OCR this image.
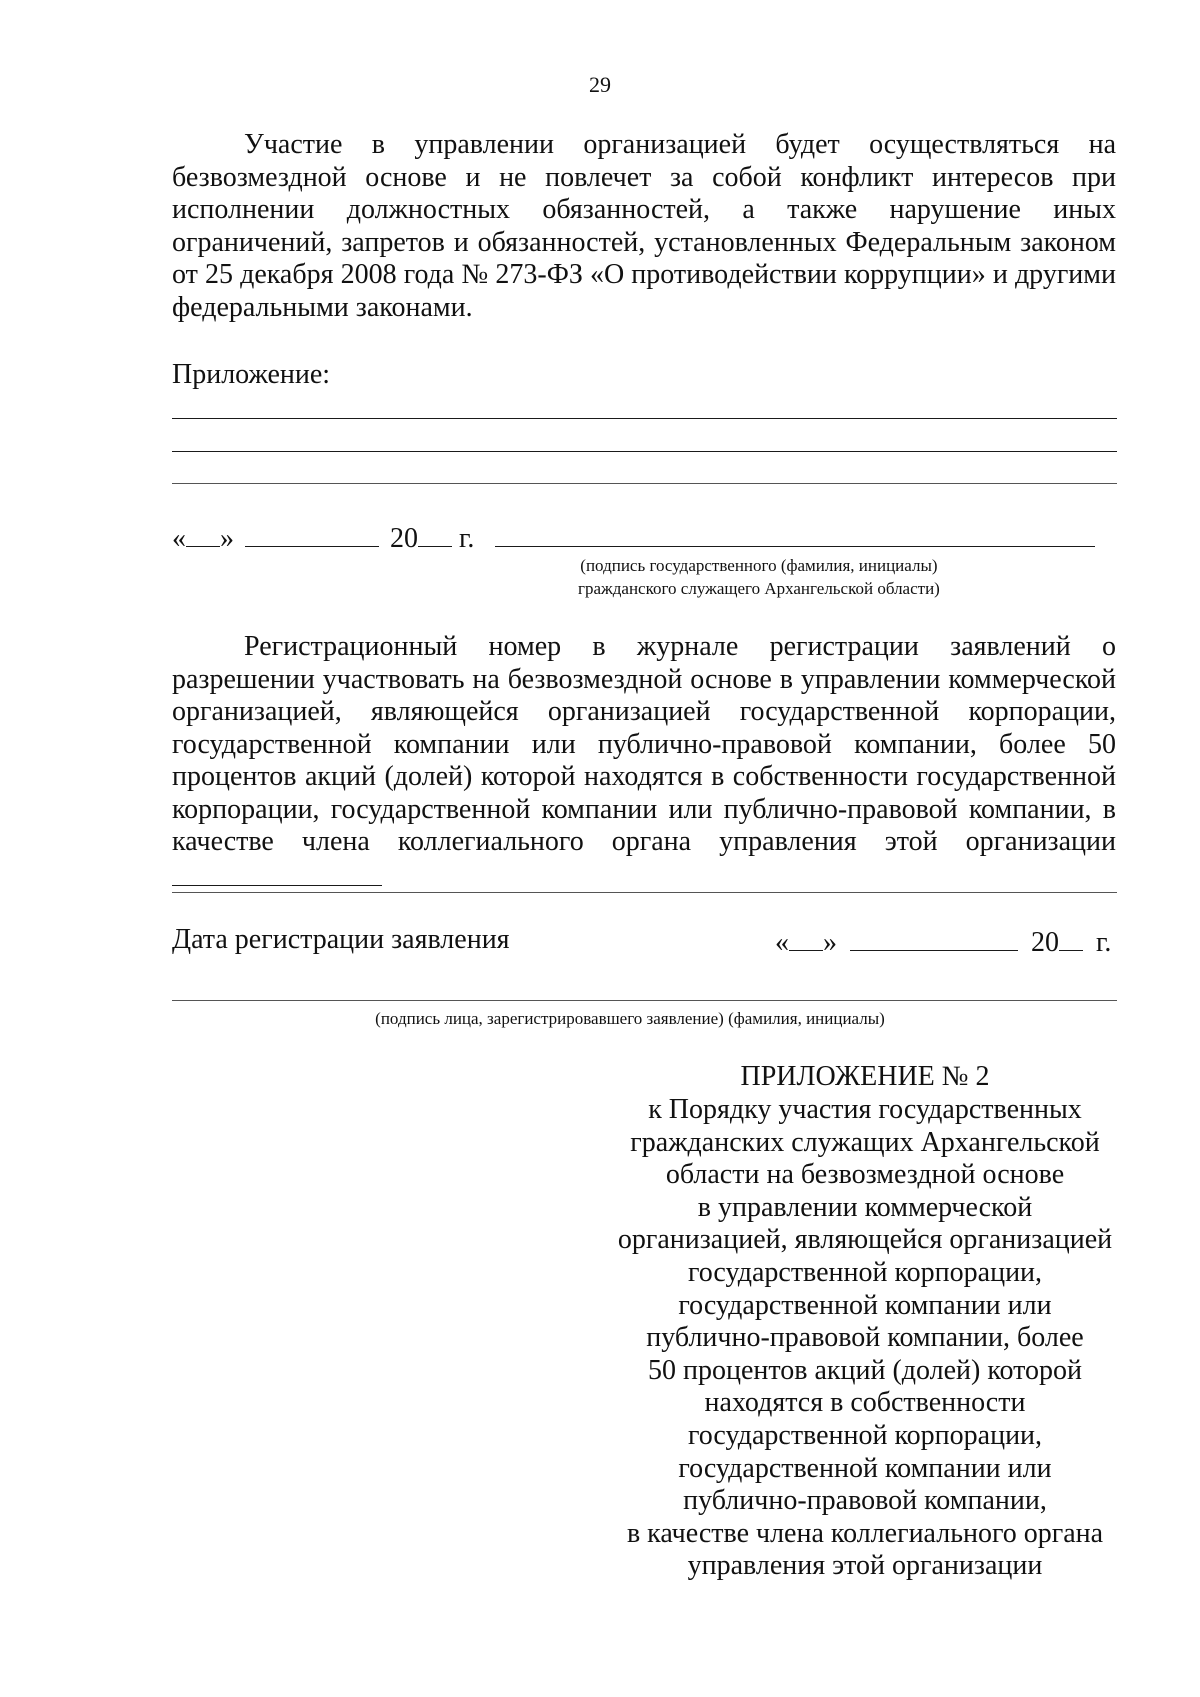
29

Участие в управлении организацией будет осуществляться на безвозмездной основе и не повлечет за собой конфликт интересов при исполнении должностных обязанностей, а также нарушение иных ограничений, запретов и обязанностей, установленных Федеральным законом от 25 декабря 2008 года № 273-ФЗ «О противодействии коррупции» и другими федеральными законами.

Приложение:
« »	20 г.
(подпись государственного (фамилия, инициалы)
гражданского служащего Архангельской области)

Регистрационный номер в журнале регистрации заявлений о разрешении участвовать на безвозмездной основе в управлении коммерческой организацией, являющейся организацией государственной корпорации, государственной компании или публично-правовой компании, более 50 процентов акций (долей) которой находятся в собственности государственной корпорации, государственной компании или публично-правовой компании, в качестве члена коллегиального органа управления этой организации

Дата регистрации заявления	« »	20 г.
(подпись лица, зарегистрировавшего заявление) (фамилия, инициалы)
ПРИЛОЖЕНИЕ № 2
к Порядку участия государственных
гражданских служащих Архангельской
области на безвозмездной основе
в управлении коммерческой
организацией, являющейся организацией
государственной корпорации,
государственной компании или
публично-правовой компании, более
50 процентов акций (долей) которой
находятся в собственности
государственной корпорации,
государственной компании или
публично-правовой компании,
в качестве члена коллегиального органа
управления этой организации
